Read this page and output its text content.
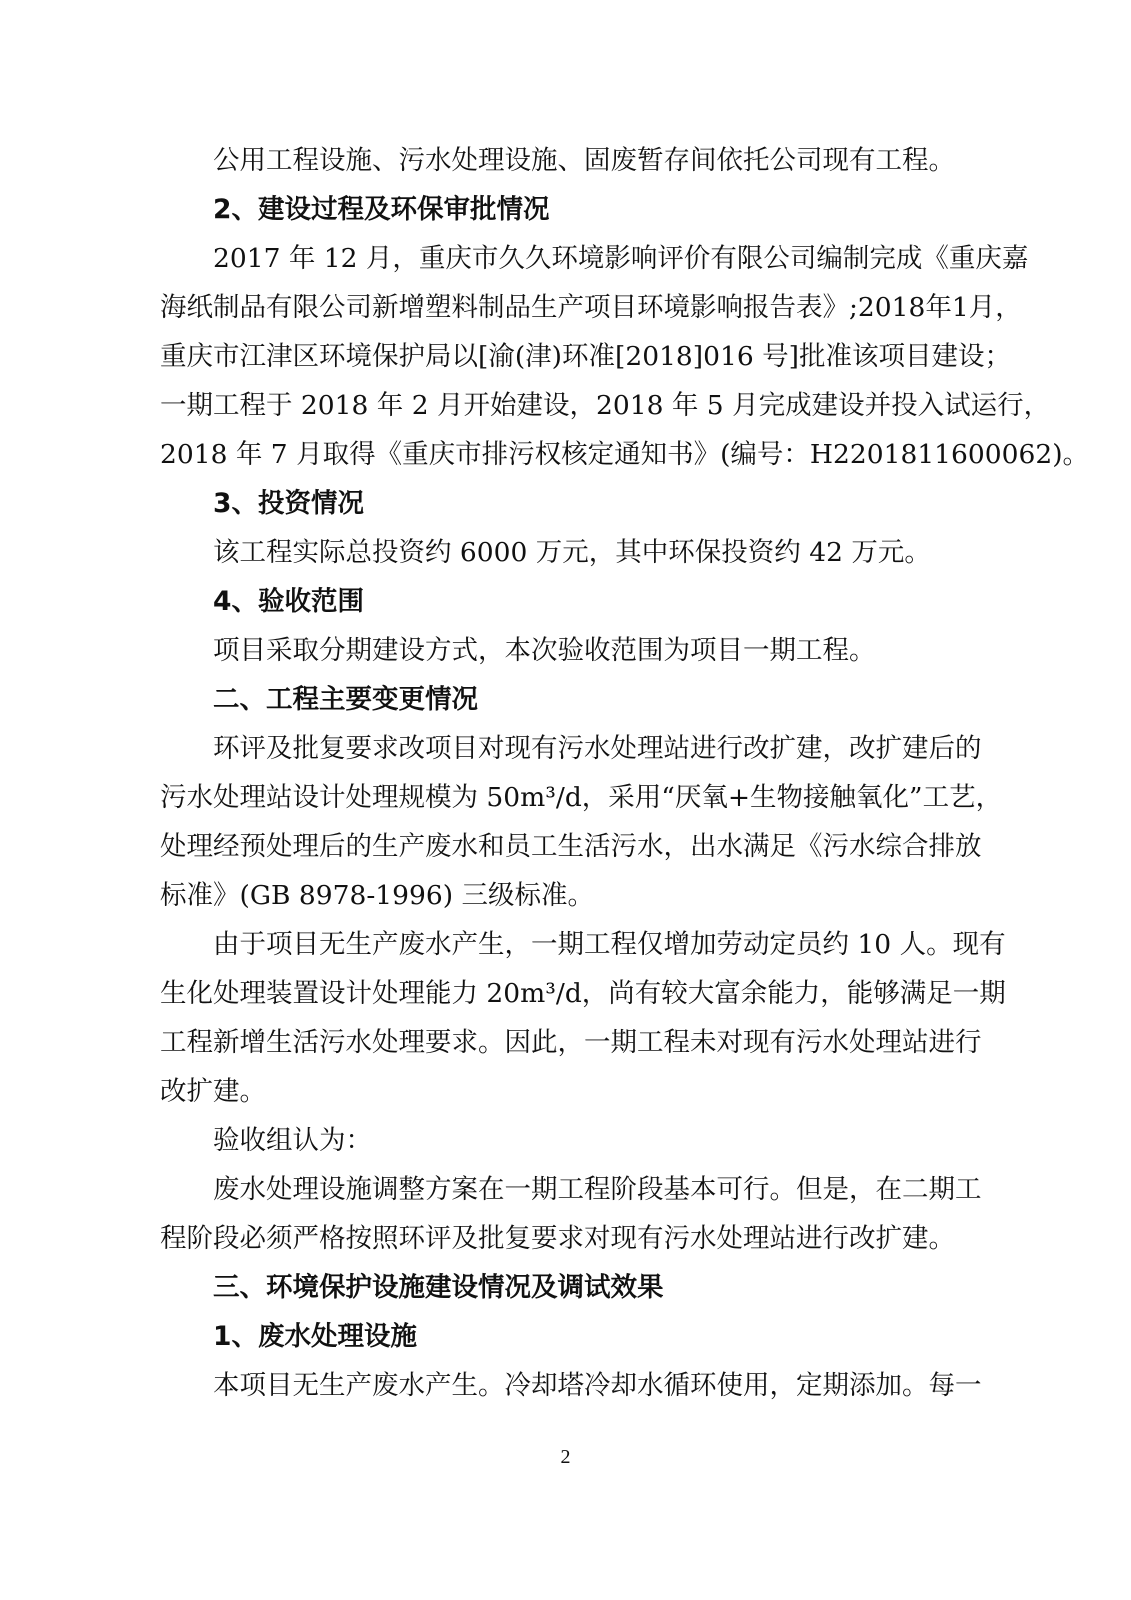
公用工程设施、污水处理设施、固废暂存间依托公司现有工程。
2、建设过程及环保审批情况
2017 年 12 月，重庆市久久环境影响评价有限公司编制完成《重庆嘉
海纸制品有限公司新增塑料制品生产项目环境影响报告表》;2018年1月，
重庆市江津区环境保护局以[渝(津)环准[2018]016 号]批准该项目建设；
一期工程于 2018 年 2 月开始建设，2018 年 5 月完成建设并投入试运行，
2018 年 7 月取得《重庆市排污权核定通知书》(编号：H2201811600062)。
3、投资情况
该工程实际总投资约 6000 万元，其中环保投资约 42 万元。
4、验收范围
项目采取分期建设方式，本次验收范围为项目一期工程。
二、工程主要变更情况
环评及批复要求改项目对现有污水处理站进行改扩建，改扩建后的
污水处理站设计处理规模为 50m³/d，采用“厌氧+生物接触氧化”工艺，
处理经预处理后的生产废水和员工生活污水，出水满足《污水综合排放
标准》(GB 8978-1996) 三级标准。
由于项目无生产废水产生，一期工程仅增加劳动定员约 10 人。现有
生化处理装置设计处理能力 20m³/d，尚有较大富余能力，能够满足一期
工程新增生活污水处理要求。因此，一期工程未对现有污水处理站进行
改扩建。
验收组认为：
废水处理设施调整方案在一期工程阶段基本可行。但是，在二期工
程阶段必须严格按照环评及批复要求对现有污水处理站进行改扩建。
三、环境保护设施建设情况及调试效果
1、废水处理设施
本项目无生产废水产生。冷却塔冷却水循环使用，定期添加。每一
2
